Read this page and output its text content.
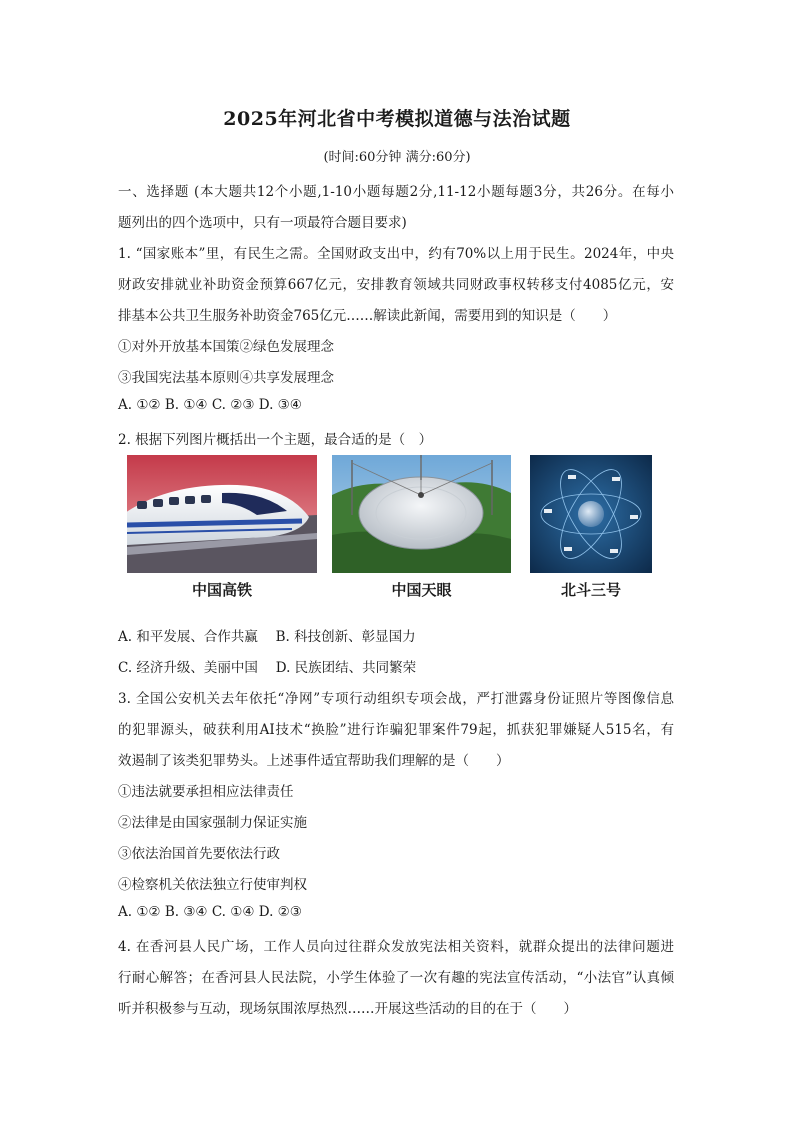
2025年河北省中考模拟道德与法治试题
(时间:60分钟 满分:60分)
一、选择题 (本大题共12个小题,1-10小题每题2分,11-12小题每题3分，共26分。在每小
题列出的四个选项中，只有一项最符合题目要求)
1. “国家账本”里，有民生之需。全国财政支出中，约有70%以上用于民生。2024年，中央
财政安排就业补助资金预算667亿元，安排教育领域共同财政事权转移支付4085亿元，安
排基本公共卫生服务补助资金765亿元……解读此新闻，需要用到的知识是（　　）
①对外开放基本国策②绿色发展理念
③我国宪法基本原则④共享发展理念
A. ①② B. ①④ C. ②③ D. ③④
2. 根据下列图片概括出一个主题，最合适的是（　）
中国高铁	中国天眼	北斗三号
A. 和平发展、合作共赢　 B. 科技创新、彰显国力
C. 经济升级、美丽中国　 D. 民族团结、共同繁荣
3. 全国公安机关去年依托“净网”专项行动组织专项会战，严打泄露身份证照片等图像信息
的犯罪源头，破获利用AI技术“换脸”进行诈骗犯罪案件79起，抓获犯罪嫌疑人515名，有
效遏制了该类犯罪势头。上述事件适宜帮助我们理解的是（　　）
①违法就要承担相应法律责任
②法律是由国家强制力保证实施
③依法治国首先要依法行政
④检察机关依法独立行使审判权
A. ①② B. ③④ C. ①④ D. ②③
4. 在香河县人民广场，工作人员向过往群众发放宪法相关资料，就群众提出的法律问题进
行耐心解答；在香河县人民法院，小学生体验了一次有趣的宪法宣传活动，“小法官”认真倾
听并积极参与互动，现场氛围浓厚热烈……开展这些活动的目的在于（　　）
